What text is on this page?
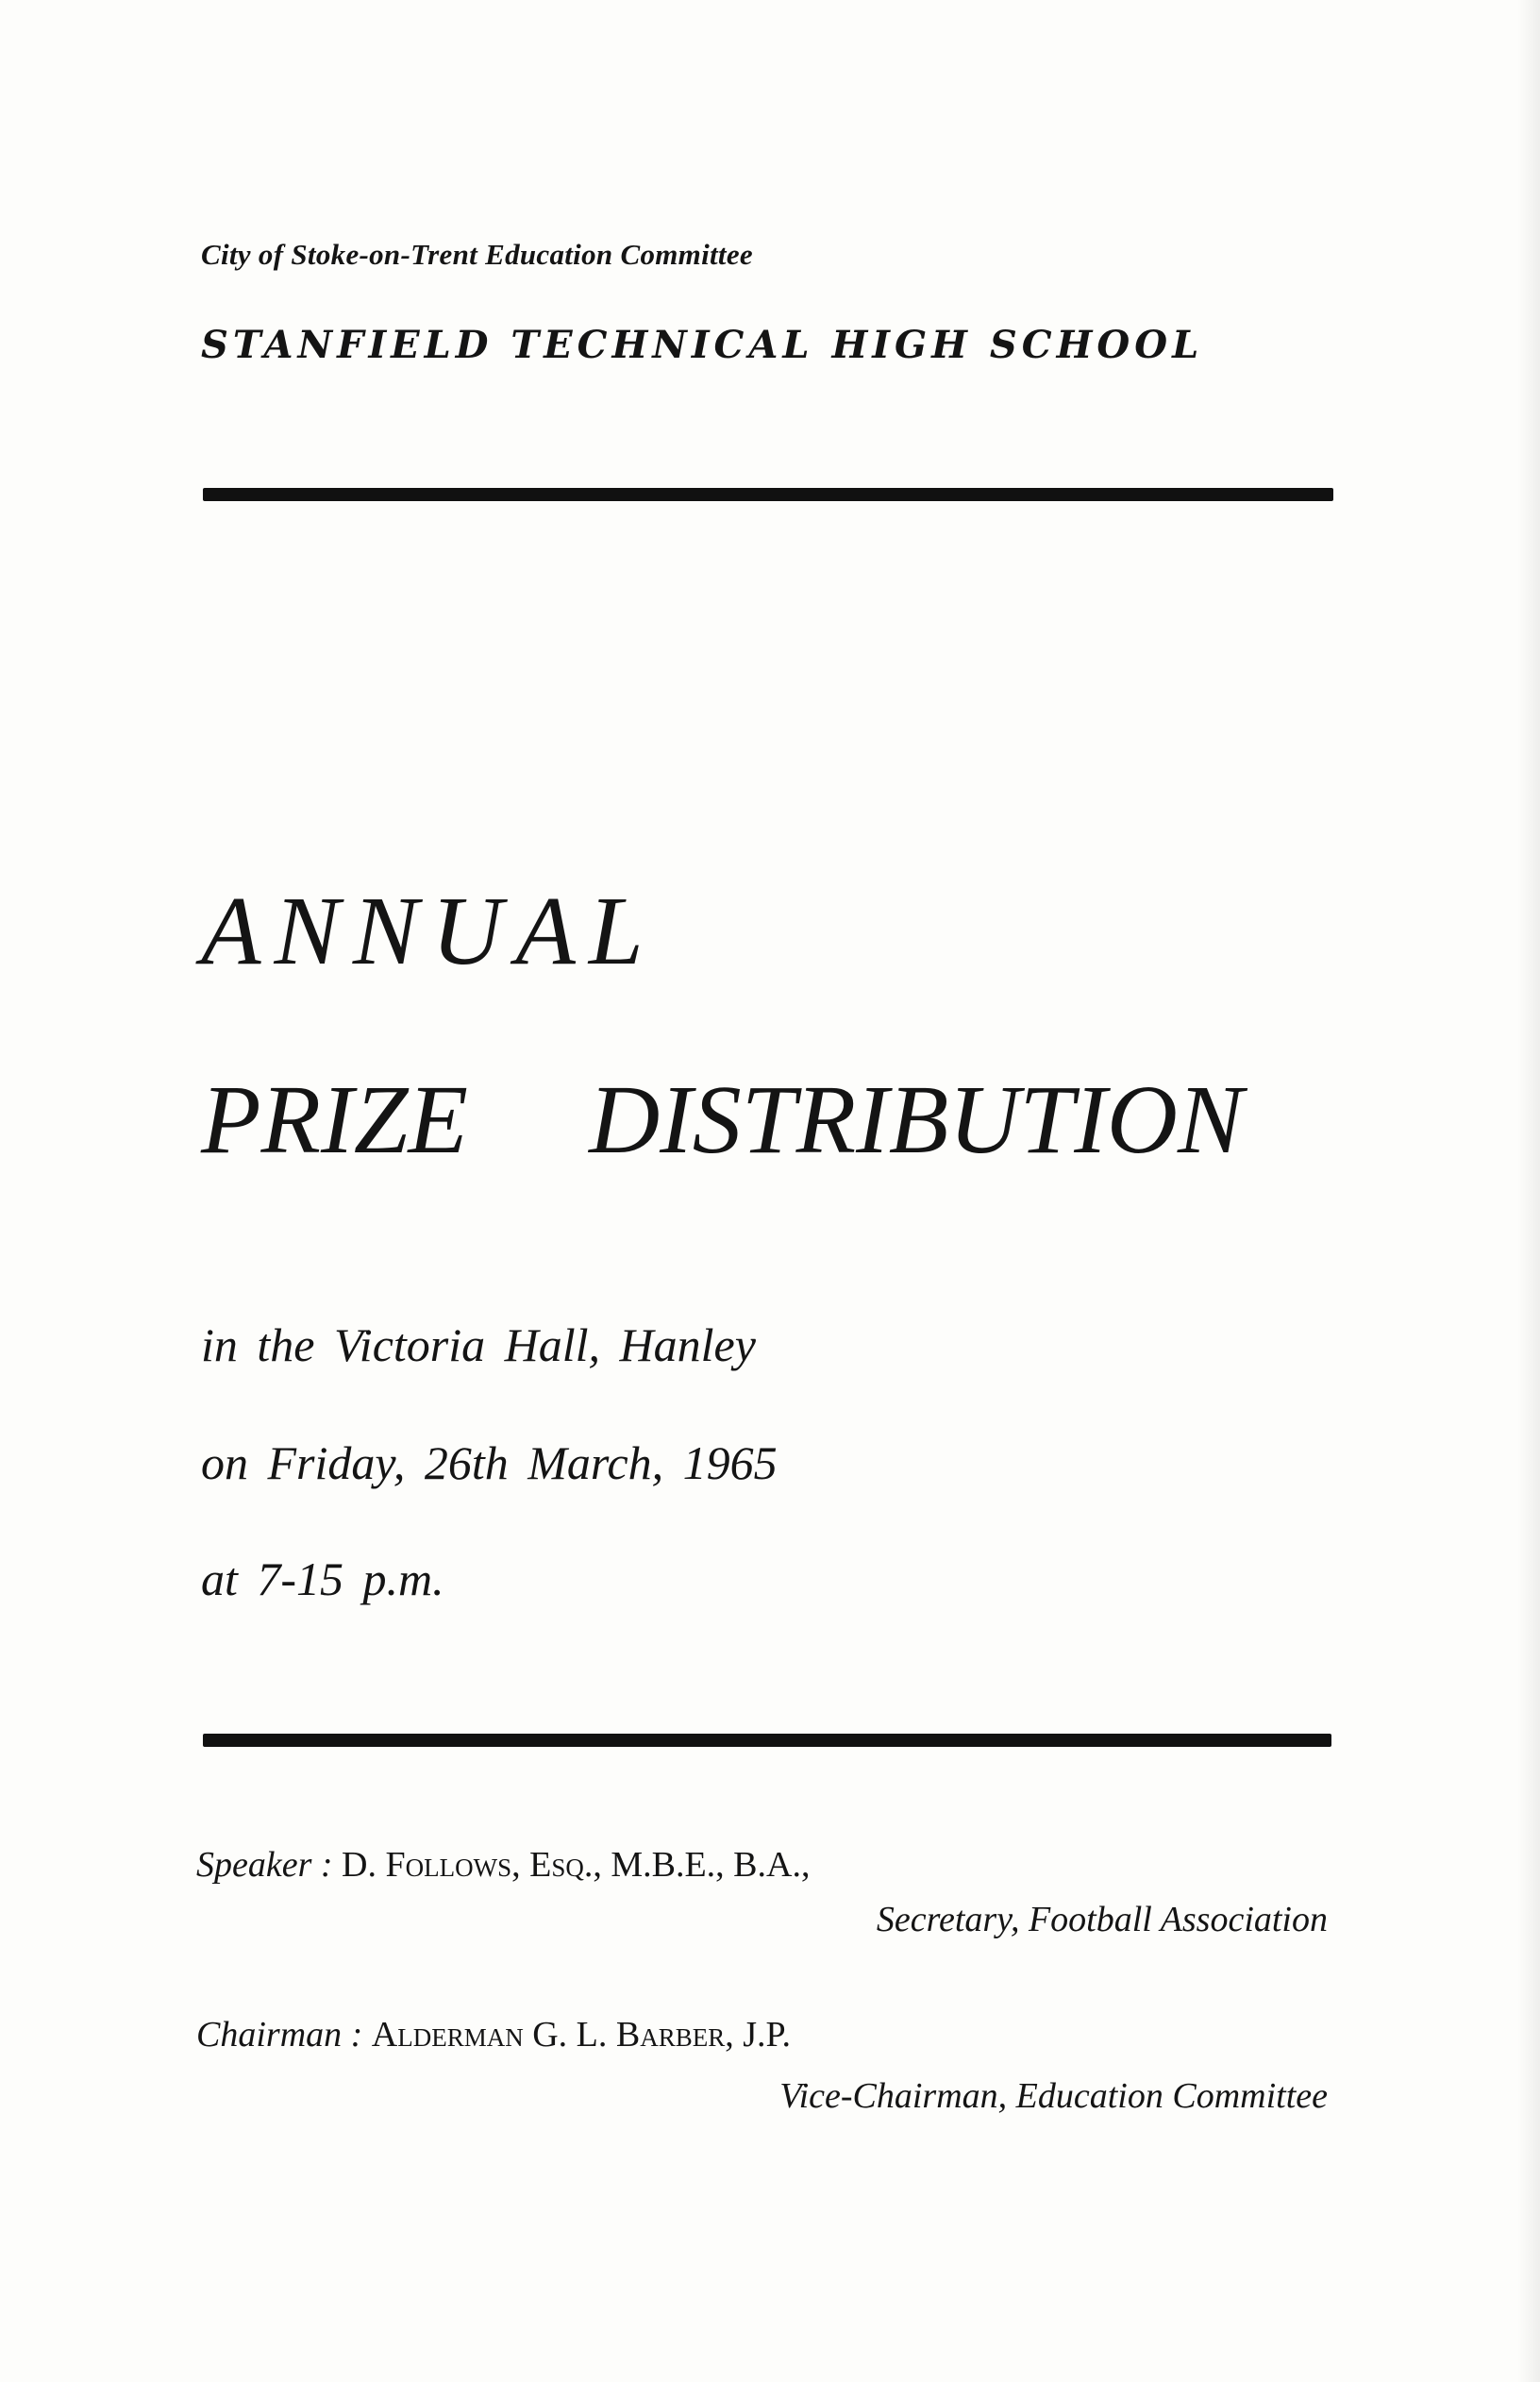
City of Stoke-on-Trent Education Committee
STANFIELD TECHNICAL HIGH SCHOOL
ANNUAL
PRIZE DISTRIBUTION
in the Victoria Hall, Hanley
on Friday, 26th March, 1965
at 7-15 p.m.
Speaker : D. Follows, Esq., M.B.E., B.A.,
Secretary, Football Association
Chairman : Alderman G. L. Barber, J.P.
Vice-Chairman, Education Committee
